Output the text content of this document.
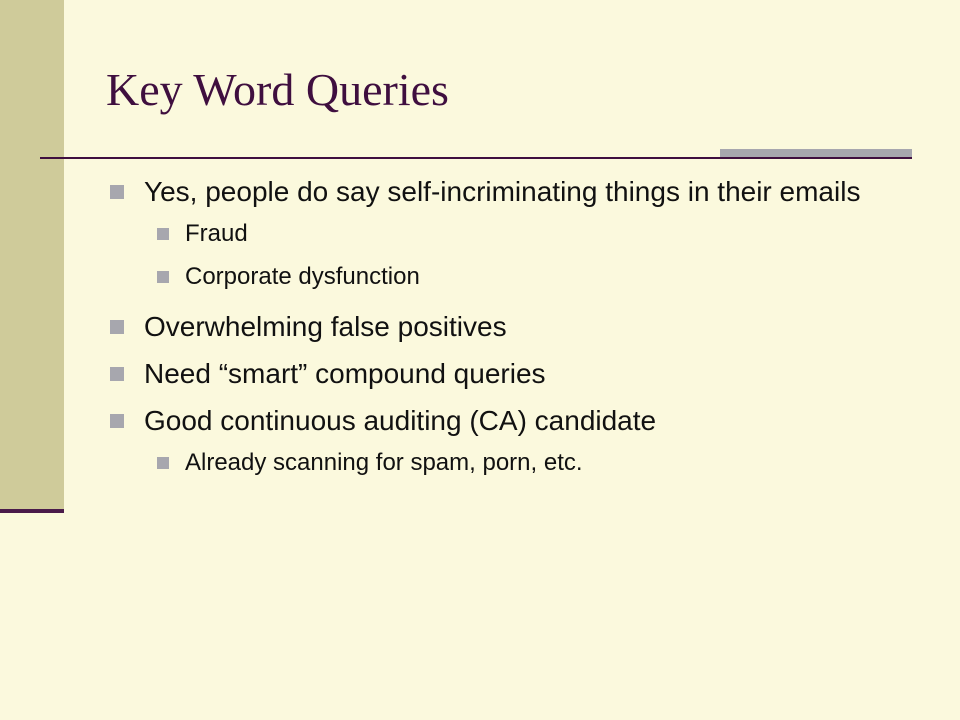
Key Word Queries
Yes, people do say self-incriminating things in their emails
Fraud
Corporate dysfunction
Overwhelming false positives
Need “smart” compound queries
Good continuous auditing (CA) candidate
Already scanning for spam, porn, etc.
